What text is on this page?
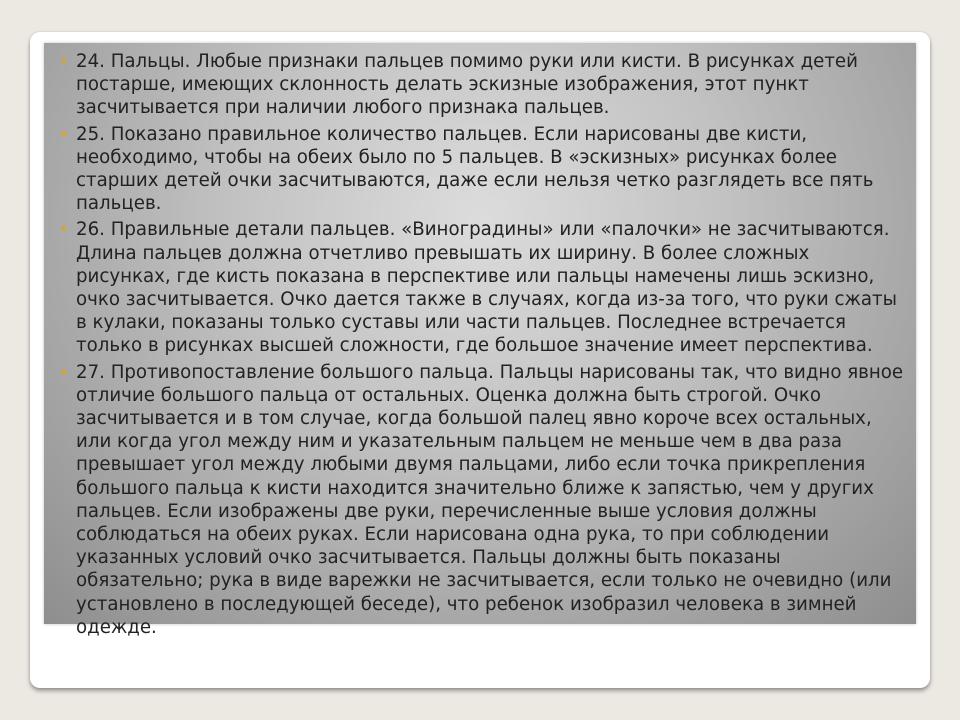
• 24. Пальцы. Любые признаки пальцев помимо руки или кисти. В рисунках детей постарше, имеющих склонность делать эскизные изображения, этот пункт засчитывается при наличии любого признака пальцев.
• 25. Показано правильное количество пальцев. Если нарисованы две кисти, необходимо, чтобы на обеих было по 5 пальцев. В «эскизных» рисунках более старших детей очки засчитываются, даже если нельзя четко разглядеть все пять пальцев.
• 26. Правильные детали пальцев. «Виноградины» или «палочки» не засчитываются. Длина пальцев должна отчетливо превышать их ширину. В более сложных рисунках, где кисть показана в перспективе или пальцы намечены лишь эскизно, очко засчитывается. Очко дается также в случаях, когда из-за того, что руки сжаты в кулаки, показаны только суставы или части пальцев. Последнее встречается только в рисунках высшей сложности, где большое значение имеет перспектива.
• 27. Противопоставление большого пальца. Пальцы нарисованы так, что видно явное отличие большого пальца от остальных. Оценка должна быть строгой. Очко засчитывается и в том случае, когда большой палец явно короче всех остальных, или когда угол между ним и указательным пальцем не меньше чем в два раза превышает угол между любыми двумя пальцами, либо если точка прикрепления большого пальца к кисти находится значительно ближе к запястью, чем у других пальцев. Если изображены две руки, перечисленные выше условия должны соблюдаться на обеих руках. Если нарисована одна рука, то при соблюдении указанных условий очко засчитывается. Пальцы должны быть показаны обязательно; рука в виде варежки не засчитывается, если только не очевидно (или установлено в последующей беседе), что ребенок изобразил человека в зимней одежде.
